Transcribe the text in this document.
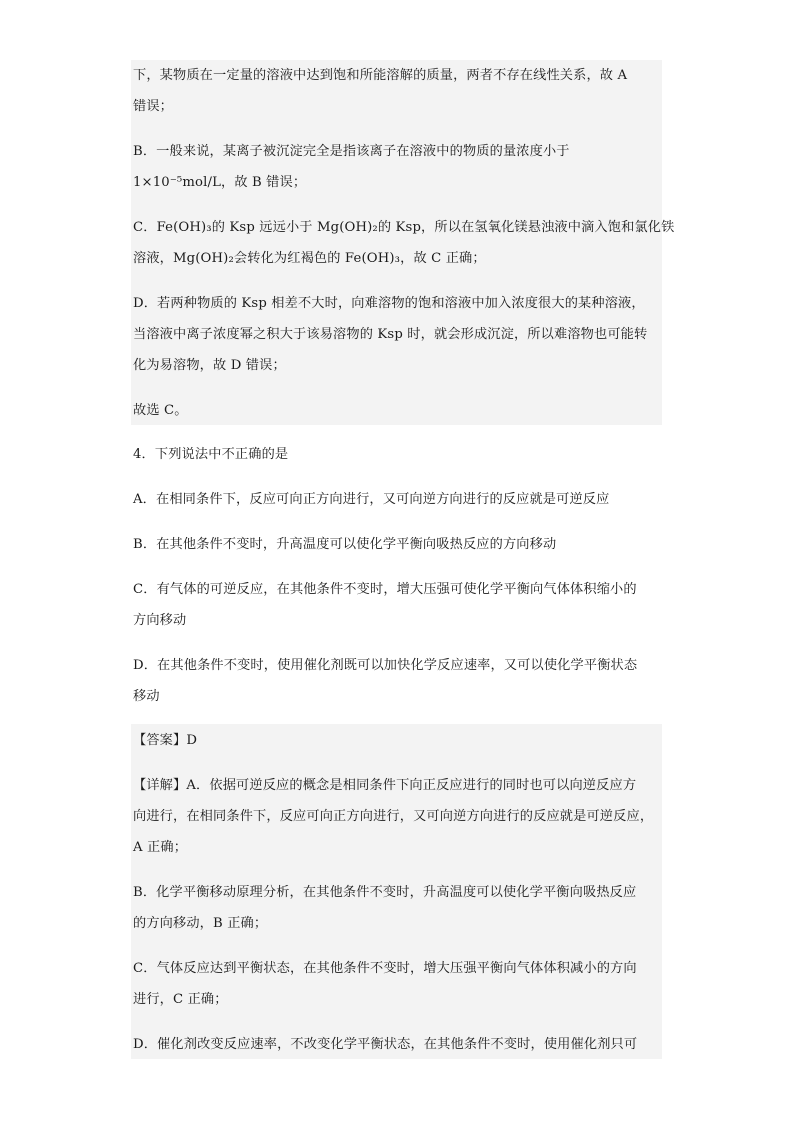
下，某物质在一定量的溶液中达到饱和所能溶解的质量，两者不存在线性关系，故 A
错误；
B．一般来说，某离子被沉淀完全是指该离子在溶液中的物质的量浓度小于
1×10⁻⁵mol/L，故 B 错误；
C．Fe(OH)₃的 Ksp 远远小于 Mg(OH)₂的 Ksp，所以在氢氧化镁悬浊液中滴入饱和氯化铁
溶液，Mg(OH)₂会转化为红褐色的 Fe(OH)₃，故 C 正确；
D．若两种物质的 Ksp 相差不大时，向难溶物的饱和溶液中加入浓度很大的某种溶液，
当溶液中离子浓度幂之积大于该易溶物的 Ksp 时，就会形成沉淀，所以难溶物也可能转
化为易溶物，故 D 错误；
故选 C。
4．下列说法中不正确的是
A．在相同条件下，反应可向正方向进行，又可向逆方向进行的反应就是可逆反应
B．在其他条件不变时，升高温度可以使化学平衡向吸热反应的方向移动
C．有气体的可逆反应，在其他条件不变时，增大压强可使化学平衡向气体体积缩小的
方向移动
D．在其他条件不变时，使用催化剂既可以加快化学反应速率，又可以使化学平衡状态
移动
【答案】D
【详解】A．依据可逆反应的概念是相同条件下向正反应进行的同时也可以向逆反应方
向进行，在相同条件下，反应可向正方向进行，又可向逆方向进行的反应就是可逆反应，
A 正确；
B．化学平衡移动原理分析，在其他条件不变时，升高温度可以使化学平衡向吸热反应
的方向移动，B 正确；
C．气体反应达到平衡状态，在其他条件不变时，增大压强平衡向气体体积减小的方向
进行，C 正确；
D．催化剂改变反应速率，不改变化学平衡状态，在其他条件不变时，使用催化剂只可
